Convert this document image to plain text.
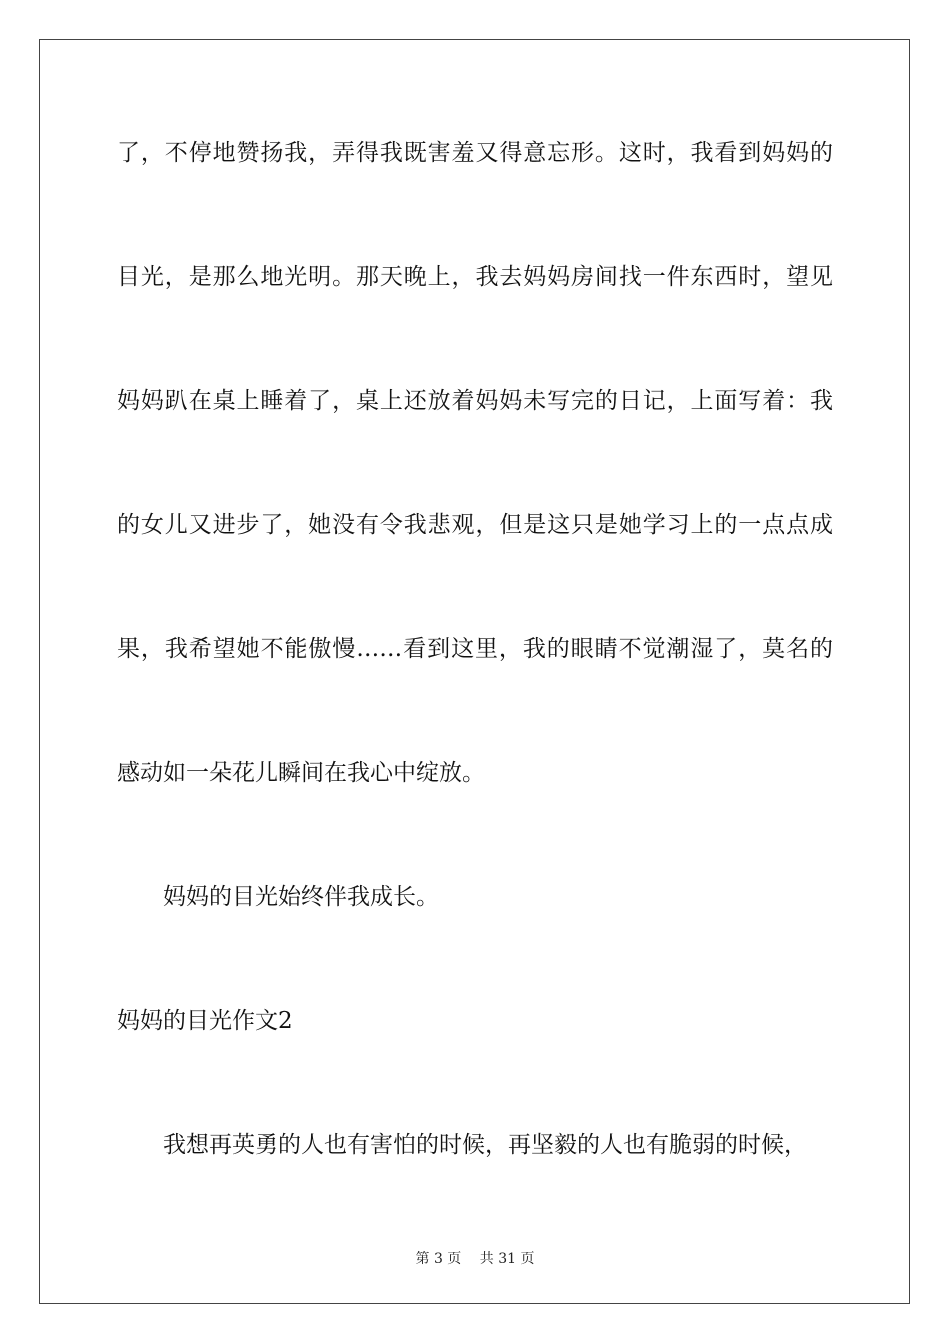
了，不停地赞扬我，弄得我既害羞又得意忘形。这时，我看到妈妈的
目光，是那么地光明。那天晚上，我去妈妈房间找一件东西时，望见
妈妈趴在桌上睡着了，桌上还放着妈妈未写完的日记，上面写着：我
的女儿又进步了，她没有令我悲观，但是这只是她学习上的一点点成
果，我希望她不能傲慢……看到这里，我的眼睛不觉潮湿了，莫名的
感动如一朵花儿瞬间在我心中绽放。
妈妈的目光始终伴我成长。
妈妈的目光作文2
我想再英勇的人也有害怕的时候，再坚毅的人也有脆弱的时候，
第 3 页　 共 31 页
